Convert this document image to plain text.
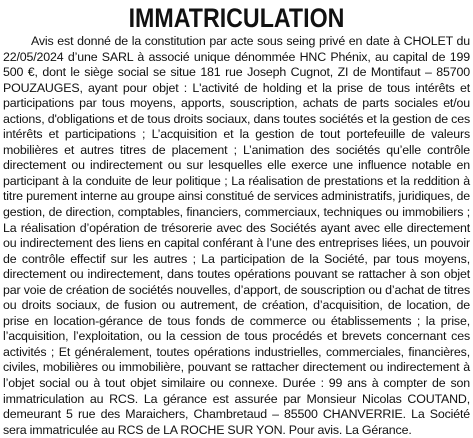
IMMATRICULATION

Avis est donné de la constitution par acte sous seing privé en date à CHOLET du 22/05/2024 d’une SARL à associé unique dénommée HNC Phénix, au capital de 199 500 €, dont le siège social se situe 181 rue Joseph Cugnot, ZI de Montifaut – 85700 POUZAUGES, ayant pour objet : L'activité de holding et la prise de tous intérêts et participations par tous moyens, apports, souscription, achats de parts sociales et/ou actions, d'obligations et de tous droits sociaux, dans toutes sociétés et la gestion de ces intérêts et participations ; L’acquisition et la gestion de tout portefeuille de valeurs mobilières et autres titres de placement ; L’animation des sociétés qu’elle contrôle directement ou indirectement ou sur lesquelles elle exerce une influence notable en participant à la conduite de leur politique ; La réalisation de prestations et la reddition à titre purement interne au groupe ainsi constitué de services administratifs, juridiques, de gestion, de direction, comptables, financiers, commerciaux, techniques ou immobiliers ; La réalisation d’opération de trésorerie avec des Sociétés ayant avec elle directement ou indirectement des liens en capital conférant à l’une des entreprises liées, un pouvoir de contrôle effectif sur les autres ; La participation de la Société, par tous moyens, directement ou indirectement, dans toutes opérations pouvant se rattacher à son objet par voie de création de sociétés nouvelles, d’apport, de souscription ou d’achat de titres ou droits sociaux, de fusion ou autrement, de création, d’acquisition, de location, de prise en location-gérance de tous fonds de commerce ou établissements ; la prise, l’acquisition, l’exploitation, ou la cession de tous procédés et brevets concernant ces activités ; Et généralement, toutes opérations industrielles, commerciales, financières, civiles, mobilières ou immobilière, pouvant se rattacher directement ou indirectement à l’objet social ou à tout objet similaire ou connexe. Durée : 99 ans à compter de son immatriculation au RCS. La gérance est assurée par Monsieur Nicolas COUTAND, demeurant 5 rue des Maraichers, Chambretaud – 85500 CHANVERRIE. La Société sera immatriculée au RCS de LA ROCHE SUR YON. Pour avis. La Gérance.
